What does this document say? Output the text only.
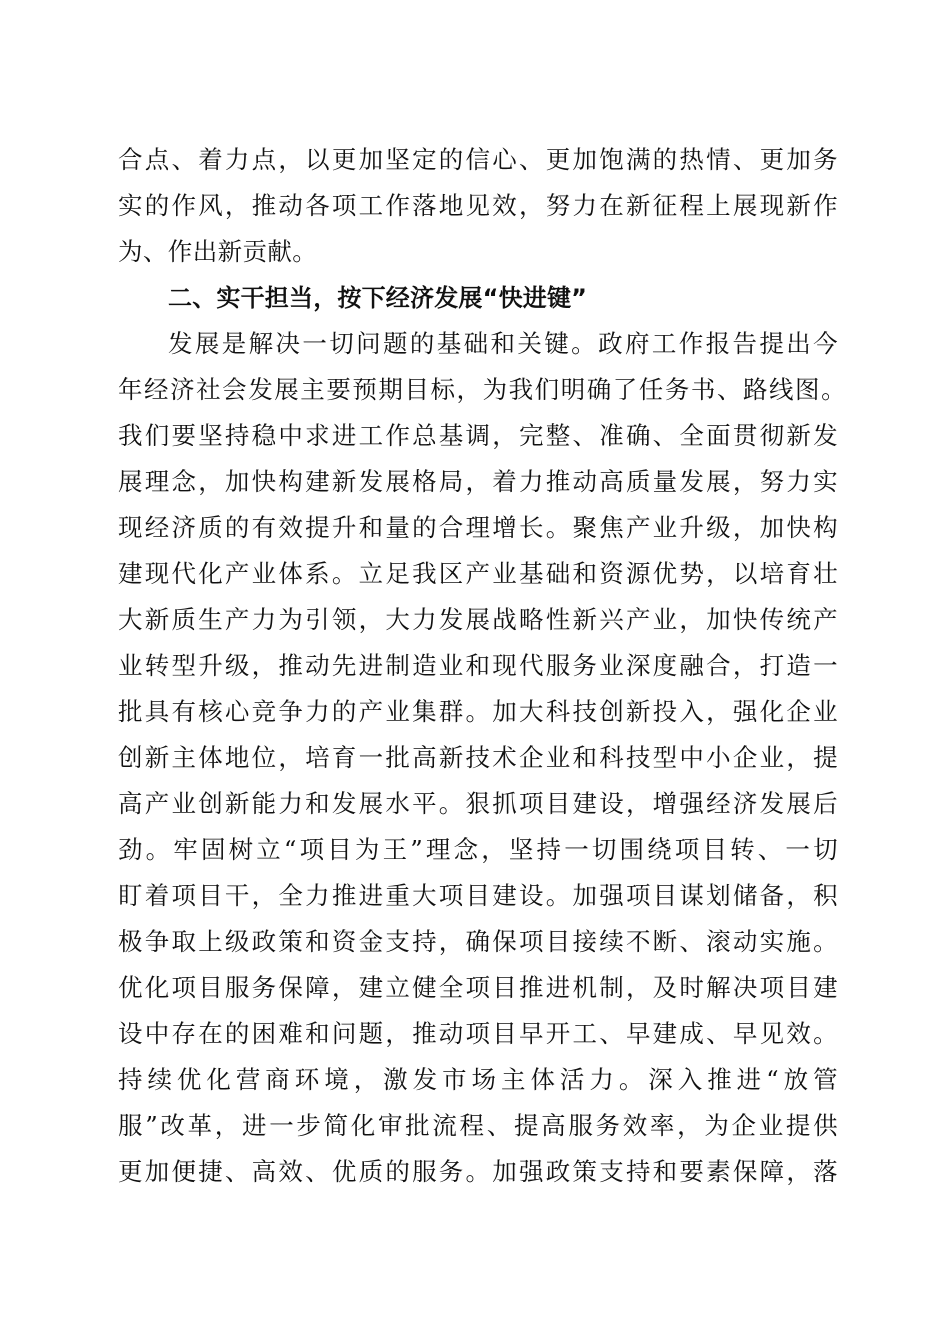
合点、着力点，以更加坚定的信心、更加饱满的热情、更加务
实的作风，推动各项工作落地见效，努力在新征程上展现新作
为、作出新贡献。
二、实干担当，按下经济发展“快进键”
发展是解决一切问题的基础和关键。政府工作报告提出今
年经济社会发展主要预期目标，为我们明确了任务书、路线图。
我们要坚持稳中求进工作总基调，完整、准确、全面贯彻新发
展理念，加快构建新发展格局，着力推动高质量发展，努力实
现经济质的有效提升和量的合理增长。聚焦产业升级，加快构
建现代化产业体系。立足我区产业基础和资源优势，以培育壮
大新质生产力为引领，大力发展战略性新兴产业，加快传统产
业转型升级，推动先进制造业和现代服务业深度融合，打造一
批具有核心竞争力的产业集群。加大科技创新投入，强化企业
创新主体地位，培育一批高新技术企业和科技型中小企业，提
高产业创新能力和发展水平。狠抓项目建设，增强经济发展后
劲。牢固树立“项目为王”理念，坚持一切围绕项目转、一切
盯着项目干，全力推进重大项目建设。加强项目谋划储备，积
极争取上级政策和资金支持，确保项目接续不断、滚动实施。
优化项目服务保障，建立健全项目推进机制，及时解决项目建
设中存在的困难和问题，推动项目早开工、早建成、早见效。
持续优化营商环境，激发市场主体活力。深入推进“放管
服”改革，进一步简化审批流程、提高服务效率，为企业提供
更加便捷、高效、优质的服务。加强政策支持和要素保障，落
